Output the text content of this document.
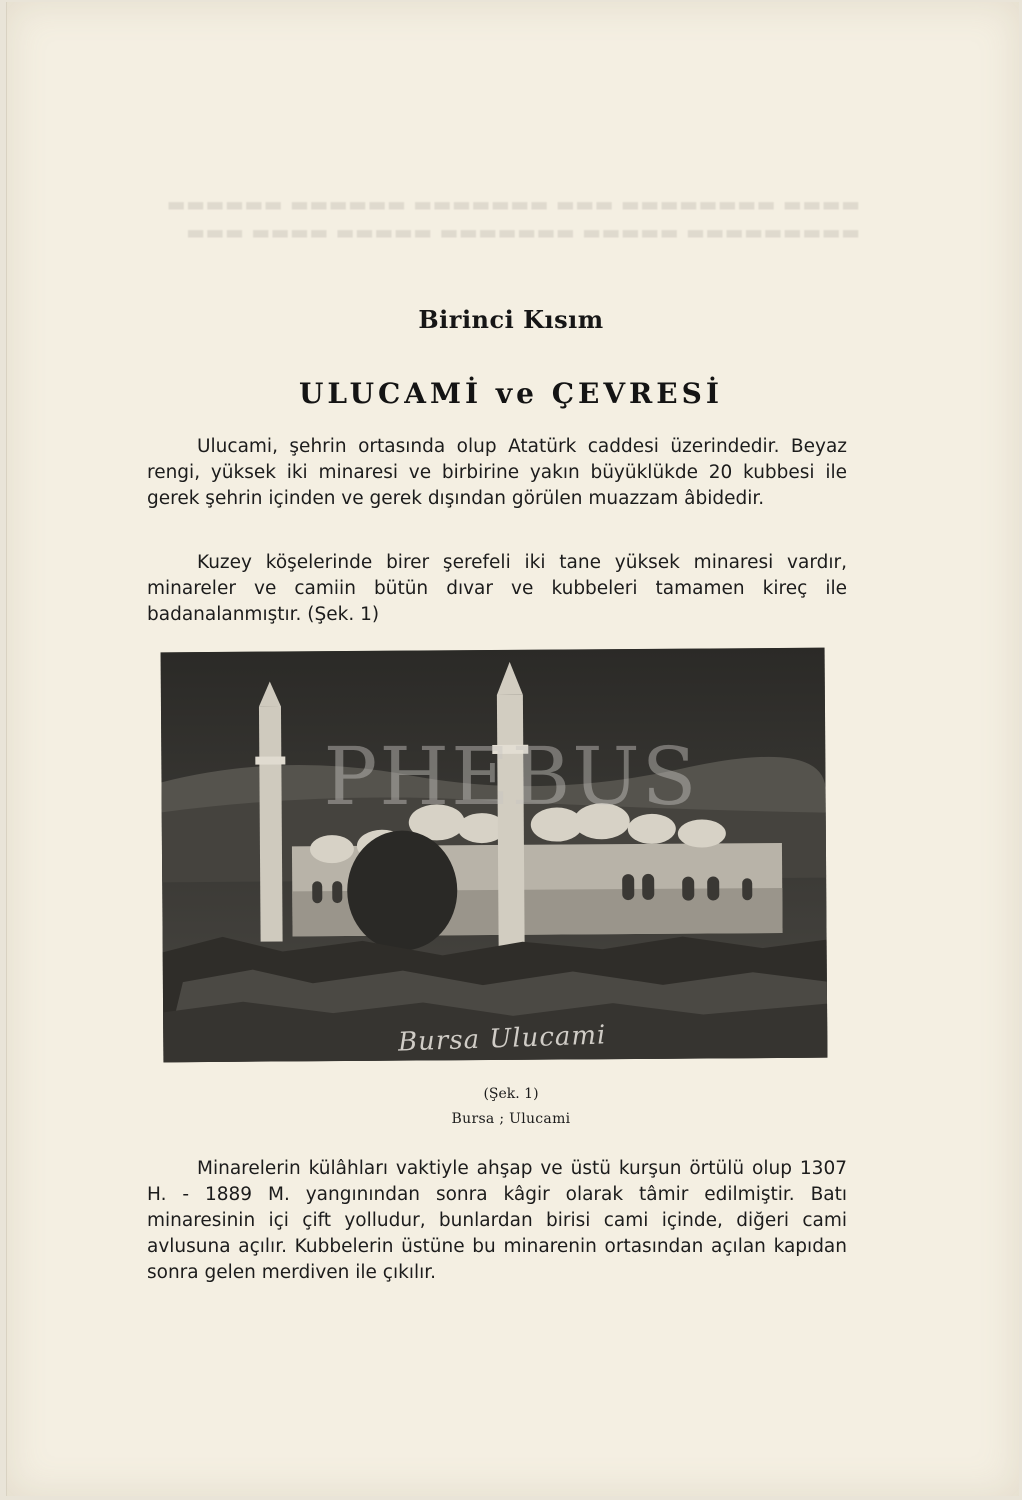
▬▬▬▬ ▬▬▬▬▬▬▬▬ ▬▬▬ ▬▬▬▬▬▬▬ ▬▬▬▬▬▬ ▬▬▬▬▬▬
▬▬▬▬▬▬▬▬▬ ▬▬▬▬▬ ▬▬▬▬▬▬▬ ▬▬▬▬▬ ▬▬▬▬ ▬▬▬
Birinci Kısım
ULUCAMİ ve ÇEVRESİ

Ulucami, şehrin ortasında olup Atatürk caddesi üzerindedir. Beyaz rengi, yüksek iki minaresi ve birbirine yakın büyüklükde 20 kubbesi ile gerek şehrin içinden ve gerek dışından görülen muazzam âbidedir.

Kuzey köşelerinde birer şerefeli iki tane yüksek minaresi vardır, minareler ve camiin bütün dıvar ve kubbeleri tamamen kireç ile badanalanmıştır. (Şek. 1)

PHEBUS
Bursa Ulucami
(Şek. 1)
Bursa ; Ulucami

Minarelerin külâhları vaktiyle ahşap ve üstü kurşun örtülü olup 1307 H. - 1889 M. yangınından sonra kâgir olarak tâmir edilmiştir. Batı minaresinin içi çift yolludur, bunlardan birisi cami içinde, diğeri cami avlusuna açılır. Kubbelerin üstüne bu minarenin ortasından açılan kapıdan sonra gelen merdiven ile çıkılır.
